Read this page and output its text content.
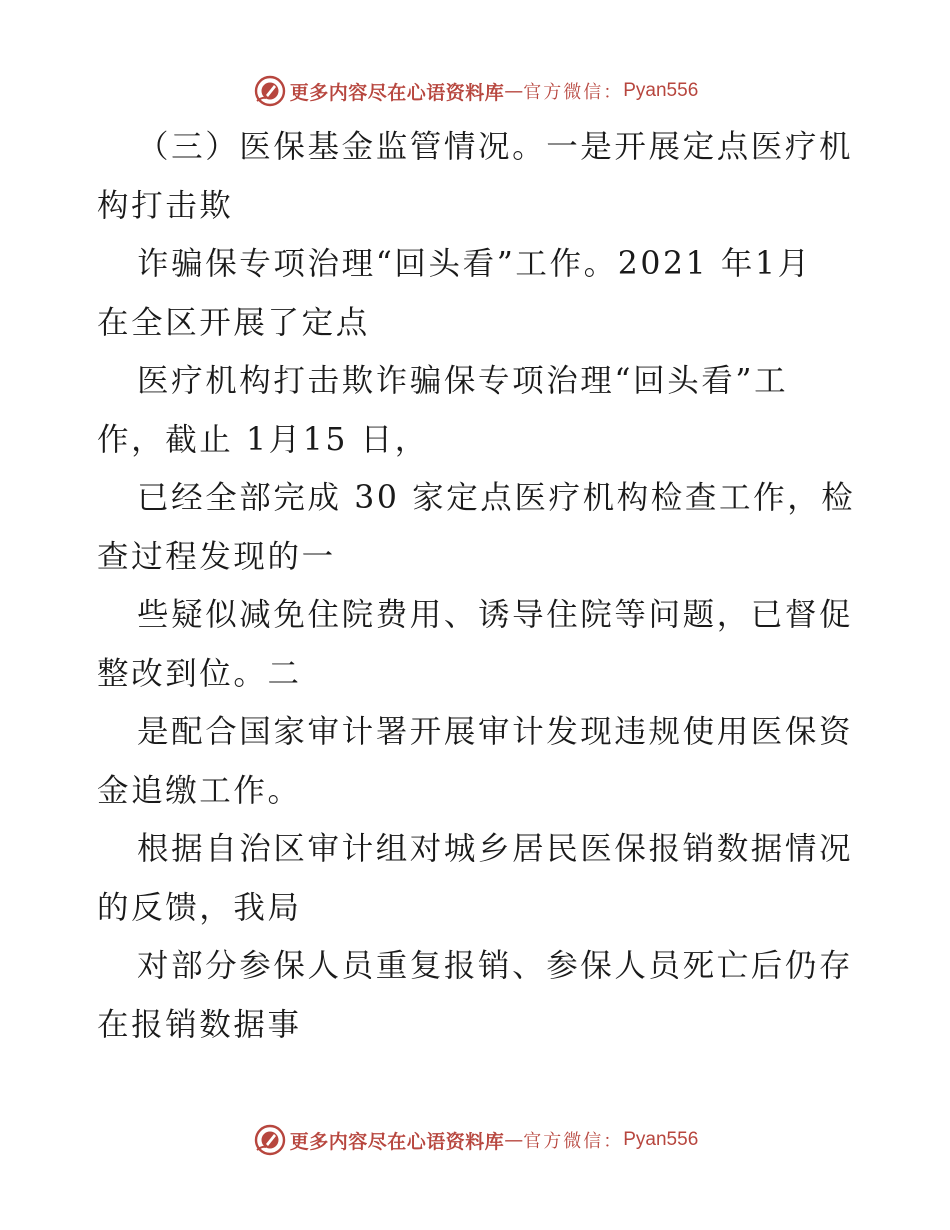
更多内容尽在心语资料库 — 官方微信： Pyan556
（三）医保基金监管情况。一是开展定点医疗机
构打击欺
诈骗保专项治理“回头看”工作。2021 年1月
在全区开展了定点
医疗机构打击欺诈骗保专项治理“回头看”工
作，截止 1月15 日，
已经全部完成 30 家定点医疗机构检查工作，检
查过程发现的一
些疑似减免住院费用、诱导住院等问题，已督促
整改到位。二
是配合国家审计署开展审计发现违规使用医保资
金追缴工作。
根据自治区审计组对城乡居民医保报销数据情况
的反馈，我局
对部分参保人员重复报销、参保人员死亡后仍存
在报销数据事
更多内容尽在心语资料库 — 官方微信： Pyan556
